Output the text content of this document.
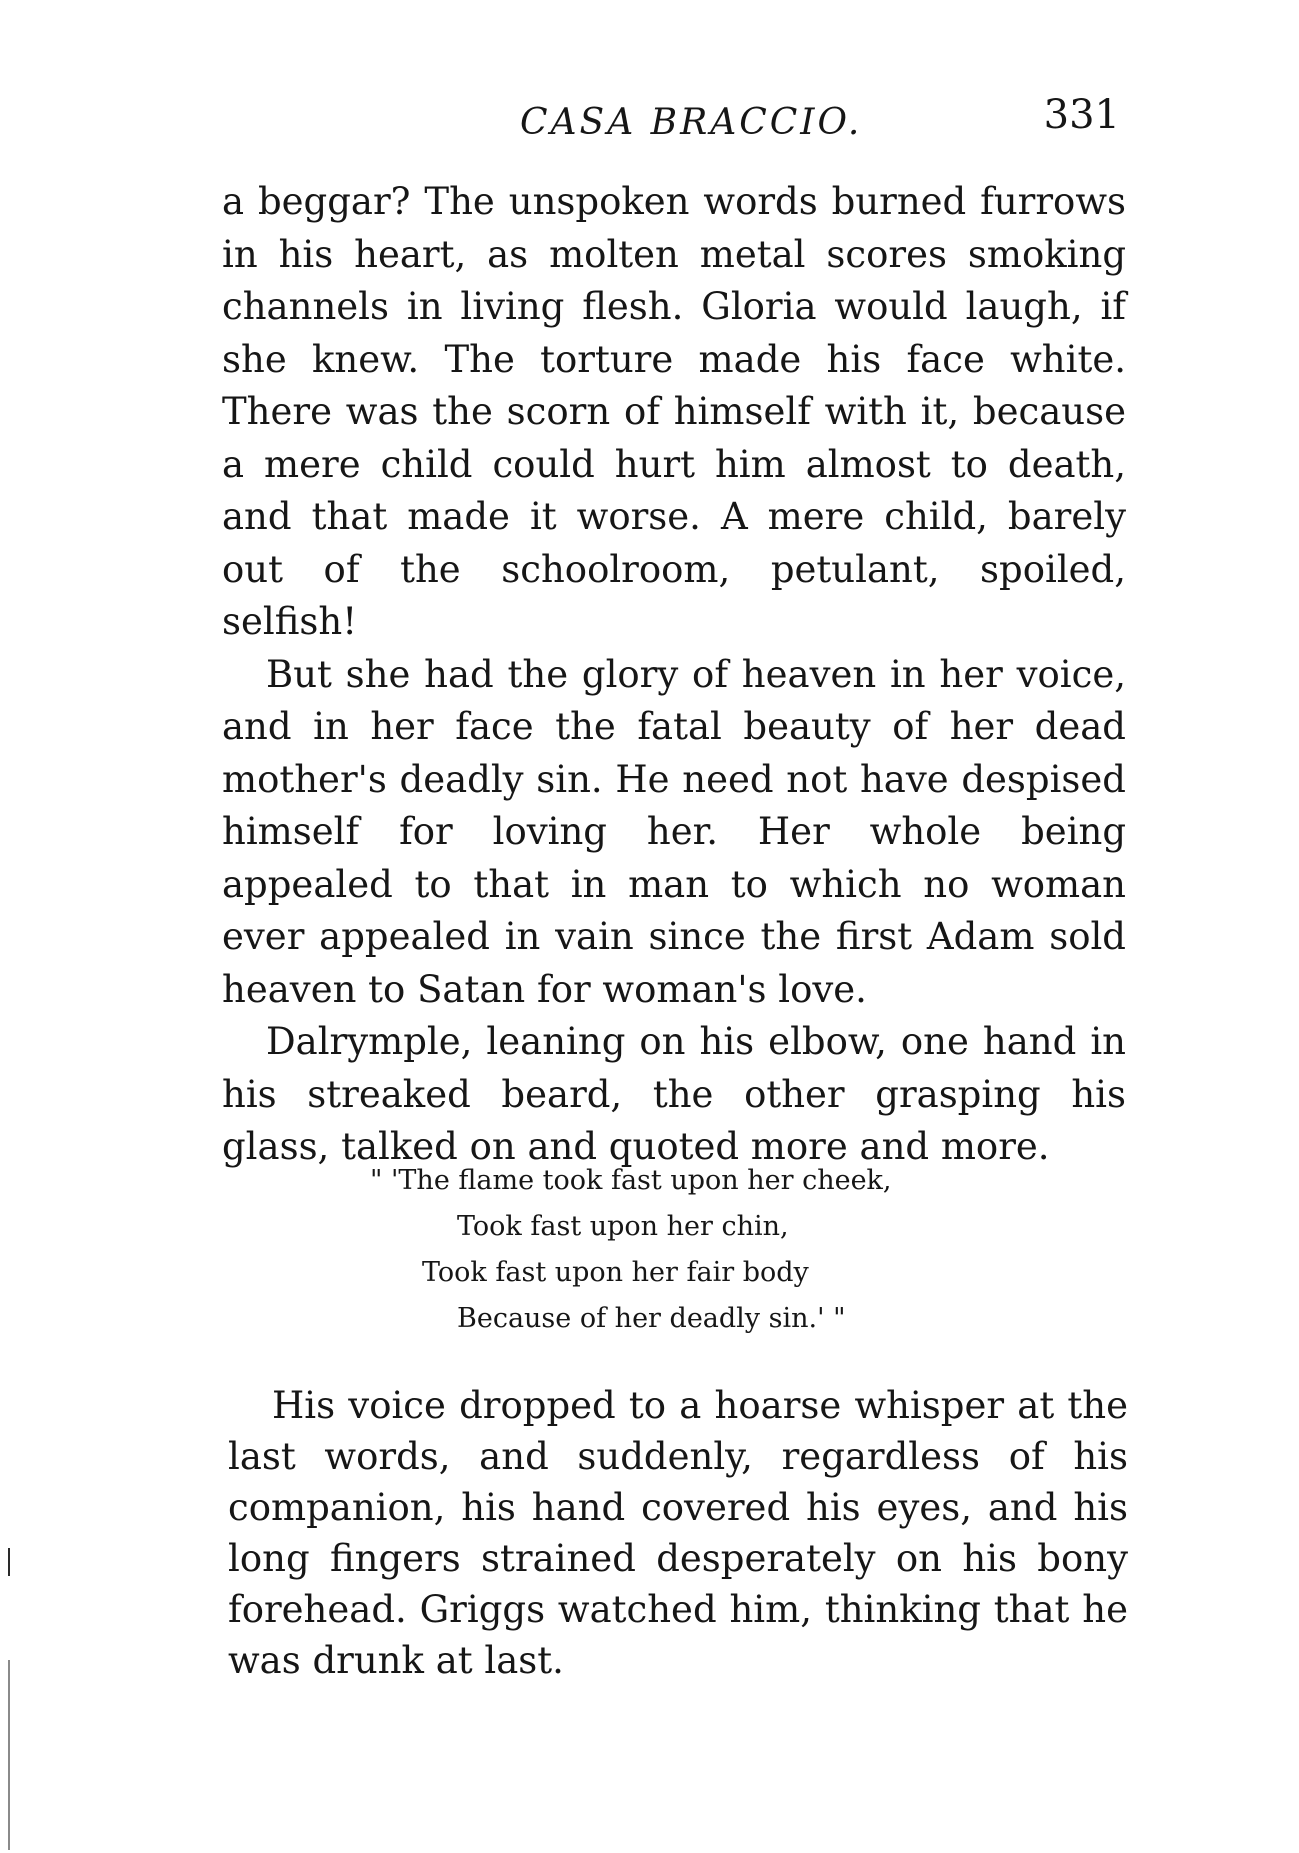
CASA BRACCIO.	331

a beggar? The unspoken words burned furrows in his heart, as molten metal scores smoking channels in living flesh. Gloria would laugh, if she knew. The torture made his face white. There was the scorn of himself with it, because a mere child could hurt him almost to death, and that made it worse. A mere child, barely out of the schoolroom, petulant, spoiled, selfish!

But she had the glory of heaven in her voice, and in her face the fatal beauty of her dead mother's deadly sin. He need not have despised himself for loving her. Her whole being appealed to that in man to which no woman ever appealed in vain since the first Adam sold heaven to Satan for woman's love.

Dalrymple, leaning on his elbow, one hand in his streaked beard, the other grasping his glass, talked on and quoted more and more.

" 'The flame took fast upon her cheek,
Took fast upon her chin,
Took fast upon her fair body
Because of her deadly sin.' "

His voice dropped to a hoarse whisper at the last words, and suddenly, regardless of his companion, his hand covered his eyes, and his long fingers strained desperately on his bony forehead. Griggs watched him, thinking that he was drunk at last.
